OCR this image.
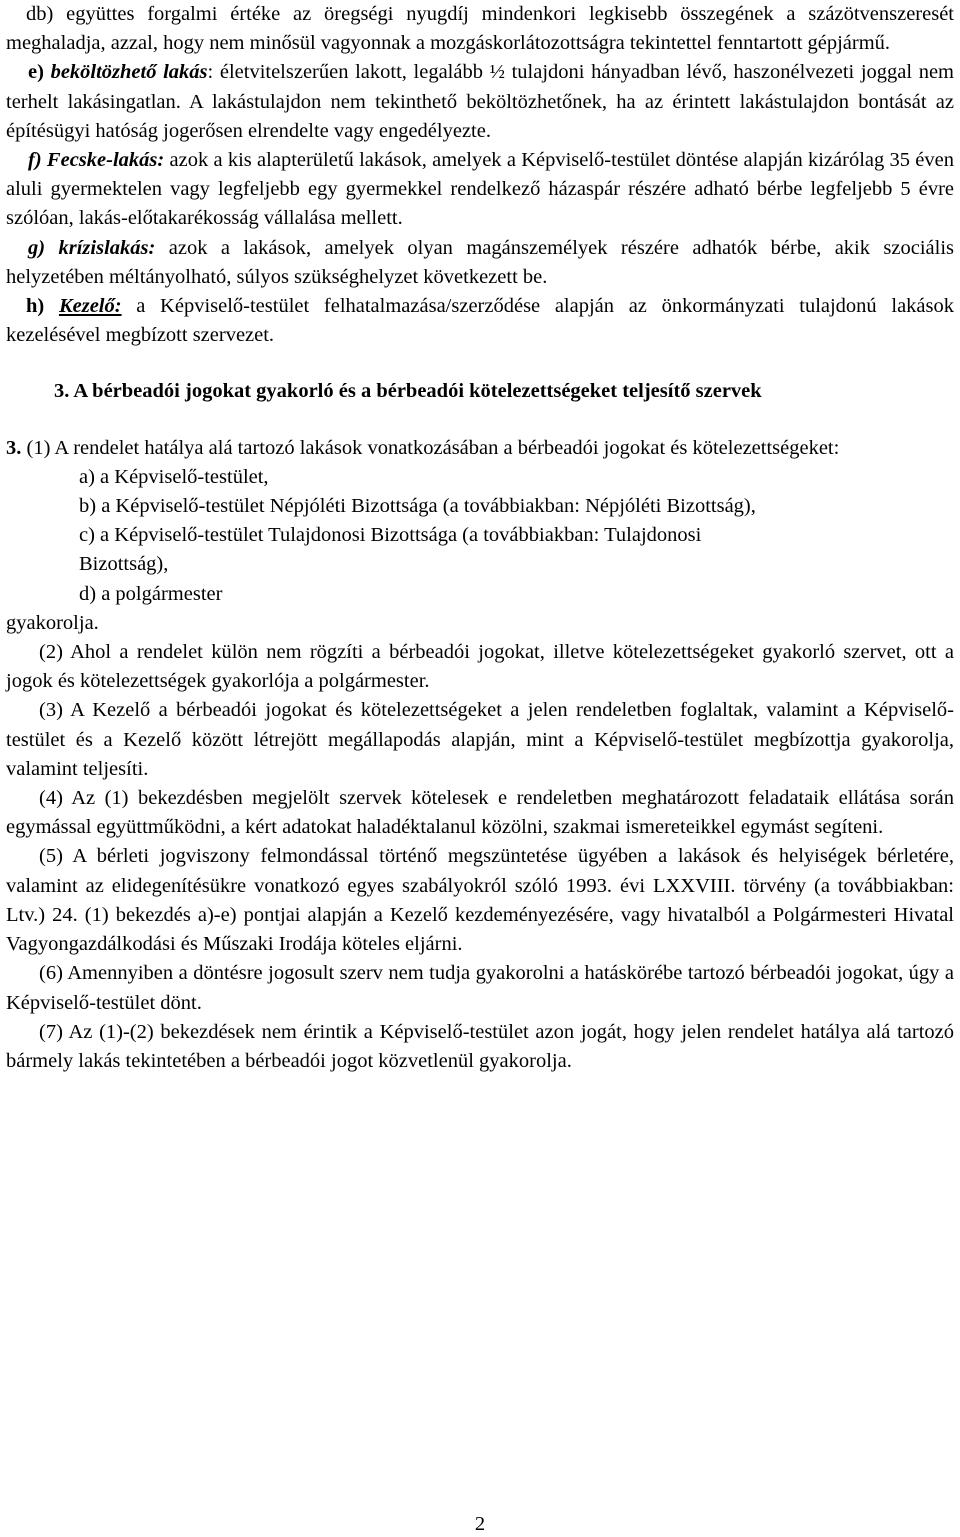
db) együttes forgalmi értéke az öregségi nyugdíj mindenkori legkisebb összegének a százötvenszeresét meghaladja, azzal, hogy nem minősül vagyonnak a mozgáskorlátozottságra tekintettel fenntartott gépjármű.

e) beköltözhető lakás: életvitelszerűen lakott, legalább ½ tulajdoni hányadban lévő, haszonélvezeti joggal nem terhelt lakásingatlan. A lakástulajdon nem tekinthető beköltözhetőnek, ha az érintett lakástulajdon bontását az építésügyi hatóság jogerősen elrendelte vagy engedélyezte.

f) Fecske-lakás: azok a kis alapterületű lakások, amelyek a Képviselő-testület döntése alapján kizárólag 35 éven aluli gyermektelen vagy legfeljebb egy gyermekkel rendelkező házaspár részére adható bérbe legfeljebb 5 évre szólóan, lakás-előtakarékosság vállalása mellett.

g) krízislakás: azok a lakások, amelyek olyan magánszemélyek részére adhatók bérbe, akik szociális helyzetében méltányolható, súlyos szükséghelyzet következett be.

h) Kezelő: a Képviselő-testület felhatalmazása/szerződése alapján az önkormányzati tulajdonú lakások kezelésével megbízott szervezet.

3. A bérbeadói jogokat gyakorló és a bérbeadói kötelezettségeket teljesítő szervek

3. (1) A rendelet hatálya alá tartozó lakások vonatkozásában a bérbeadói jogokat és kötelezettségeket:

a) a Képviselő-testület,
b) a Képviselő-testület Népjóléti Bizottsága (a továbbiakban: Népjóléti Bizottság),
c) a Képviselő-testület Tulajdonosi Bizottsága (a továbbiakban: Tulajdonosi
Bizottság),
d) a polgármester

gyakorolja.

(2) Ahol a rendelet külön nem rögzíti a bérbeadói jogokat, illetve kötelezettségeket gyakorló szervet, ott a jogok és kötelezettségek gyakorlója a polgármester.

(3) A Kezelő a bérbeadói jogokat és kötelezettségeket a jelen rendeletben foglaltak, valamint a Képviselő-testület és a Kezelő között létrejött megállapodás alapján, mint a Képviselő-testület megbízottja gyakorolja, valamint teljesíti.

(4) Az (1) bekezdésben megjelölt szervek kötelesek e rendeletben meghatározott feladataik ellátása során egymással együttműködni, a kért adatokat haladéktalanul közölni, szakmai ismereteikkel egymást segíteni.

(5) A bérleti jogviszony felmondással történő megszüntetése ügyében a lakások és helyiségek bérletére, valamint az elidegenítésükre vonatkozó egyes szabályokról szóló 1993. évi LXXVIII. törvény (a továbbiakban: Ltv.) 24. (1) bekezdés a)-e) pontjai alapján a Kezelő kezdeményezésére, vagy hivatalból a Polgármesteri Hivatal Vagyongazdálkodási és Műszaki Irodája köteles eljárni.

(6) Amennyiben a döntésre jogosult szerv nem tudja gyakorolni a hatáskörébe tartozó bérbeadói jogokat, úgy a Képviselő-testület dönt.

(7) Az (1)-(2) bekezdések nem érintik a Képviselő-testület azon jogát, hogy jelen rendelet hatálya alá tartozó bármely lakás tekintetében a bérbeadói jogot közvetlenül gyakorolja.

2
